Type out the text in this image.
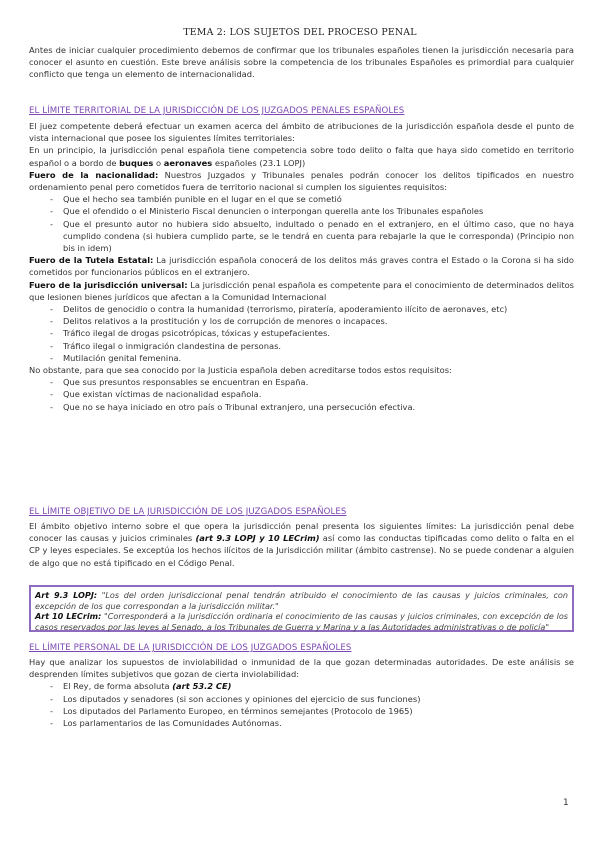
TEMA 2: LOS SUJETOS DEL PROCESO PENAL
Antes de iniciar cualquier procedimiento debemos de confirmar que los tribunales españoles tienen la jurisdicción necesaria para conocer el asunto en cuestión. Este breve análisis sobre la competencia de los tribunales Españoles es primordial para cualquier conflicto que tenga un elemento de internacionalidad.
EL LÍMITE TERRITORIAL DE LA JURISDICCIÓN DE LOS JUZGADOS PENALES ESPAÑOLES
El juez competente deberá efectuar un examen acerca del ámbito de atribuciones de la jurisdicción española desde el punto de vista internacional que posee los siguientes límites territoriales:
En un principio, la jurisdicción penal española tiene competencia sobre todo delito o falta que haya sido cometido en territorio español o a bordo de buques o aeronaves españoles (23.1 LOPJ)
Fuero de la nacionalidad: Nuestros Juzgados y Tribunales penales podrán conocer los delitos tipificados en nuestro ordenamiento penal pero cometidos fuera de territorio nacional si cumplen los siguientes requisitos:
- Que el hecho sea también punible en el lugar en el que se cometió
- Que el ofendido o el Ministerio Fiscal denuncien o interpongan querella ante los Tribunales españoles
- Que el presunto autor no hubiera sido absuelto, indultado o penado en el extranjero, en el último caso, que no haya cumplido condena (si hubiera cumplido parte, se le tendrá en cuenta para rebajarle la que le corresponda) (Principio non bis in idem)
Fuero de la Tutela Estatal: La jurisdicción española conocerá de los delitos más graves contra el Estado o la Corona si ha sido cometidos por funcionarios públicos en el extranjero.
Fuero de la jurisdicción universal: La jurisdicción penal española es competente para el conocimiento de determinados delitos que lesionen bienes jurídicos que afectan a la Comunidad Internacional
- Delitos de genocidio o contra la humanidad (terrorismo, piratería, apoderamiento ilícito de aeronaves, etc)
- Delitos relativos a la prostitución y los de corrupción de menores o incapaces.
- Tráfico ilegal de drogas psicotrópicas, tóxicas y estupefacientes.
- Tráfico ilegal o inmigración clandestina de personas.
- Mutilación genital femenina.
No obstante, para que sea conocido por la Justicia española deben acreditarse todos estos requisitos:
- Que sus presuntos responsables se encuentran en España.
- Que existan víctimas de nacionalidad española.
- Que no se haya iniciado en otro país o Tribunal extranjero, una persecución efectiva.
EL LÍMITE OBJETIVO DE LA JURISDICCIÓN DE LOS JUZGADOS ESPAÑOLES
El ámbito objetivo interno sobre el que opera la jurisdicción penal presenta los siguientes límites: La jurisdicción penal debe conocer las causas y juicios criminales (art 9.3 LOPJ y 10 LECrim) así como las conductas tipificadas como delito o falta en el CP y leyes especiales. Se exceptúa los hechos ilícitos de la Jurisdicción militar (ámbito castrense). No se puede condenar a alguien de algo que no está tipificado en el Código Penal.
Art 9.3 LOPJ: "Los del orden jurisdiccional penal tendrán atribuido el conocimiento de las causas y juicios criminales, con excepción de los que correspondan a la jurisdicción militar."
Art 10 LECrim: "Corresponderá a la jurisdicción ordinaria el conocimiento de las causas y juicios criminales, con excepción de los casos reservados por las leyes al Senado, a los Tribunales de Guerra y Marina y a las Autoridades administrativas o de policía"
EL LÍMITE PERSONAL DE LA JURISDICCIÓN DE LOS JUZGADOS ESPAÑOLES
Hay que analizar los supuestos de inviolabilidad o inmunidad de la que gozan determinadas autoridades. De este análisis se desprenden límites subjetivos que gozan de cierta inviolabilidad:
- El Rey, de forma absoluta (art 53.2 CE)
- Los diputados y senadores (si son acciones y opiniones del ejercicio de sus funciones)
- Los diputados del Parlamento Europeo, en términos semejantes (Protocolo de 1965)
- Los parlamentarios de las Comunidades Autónomas.
1
